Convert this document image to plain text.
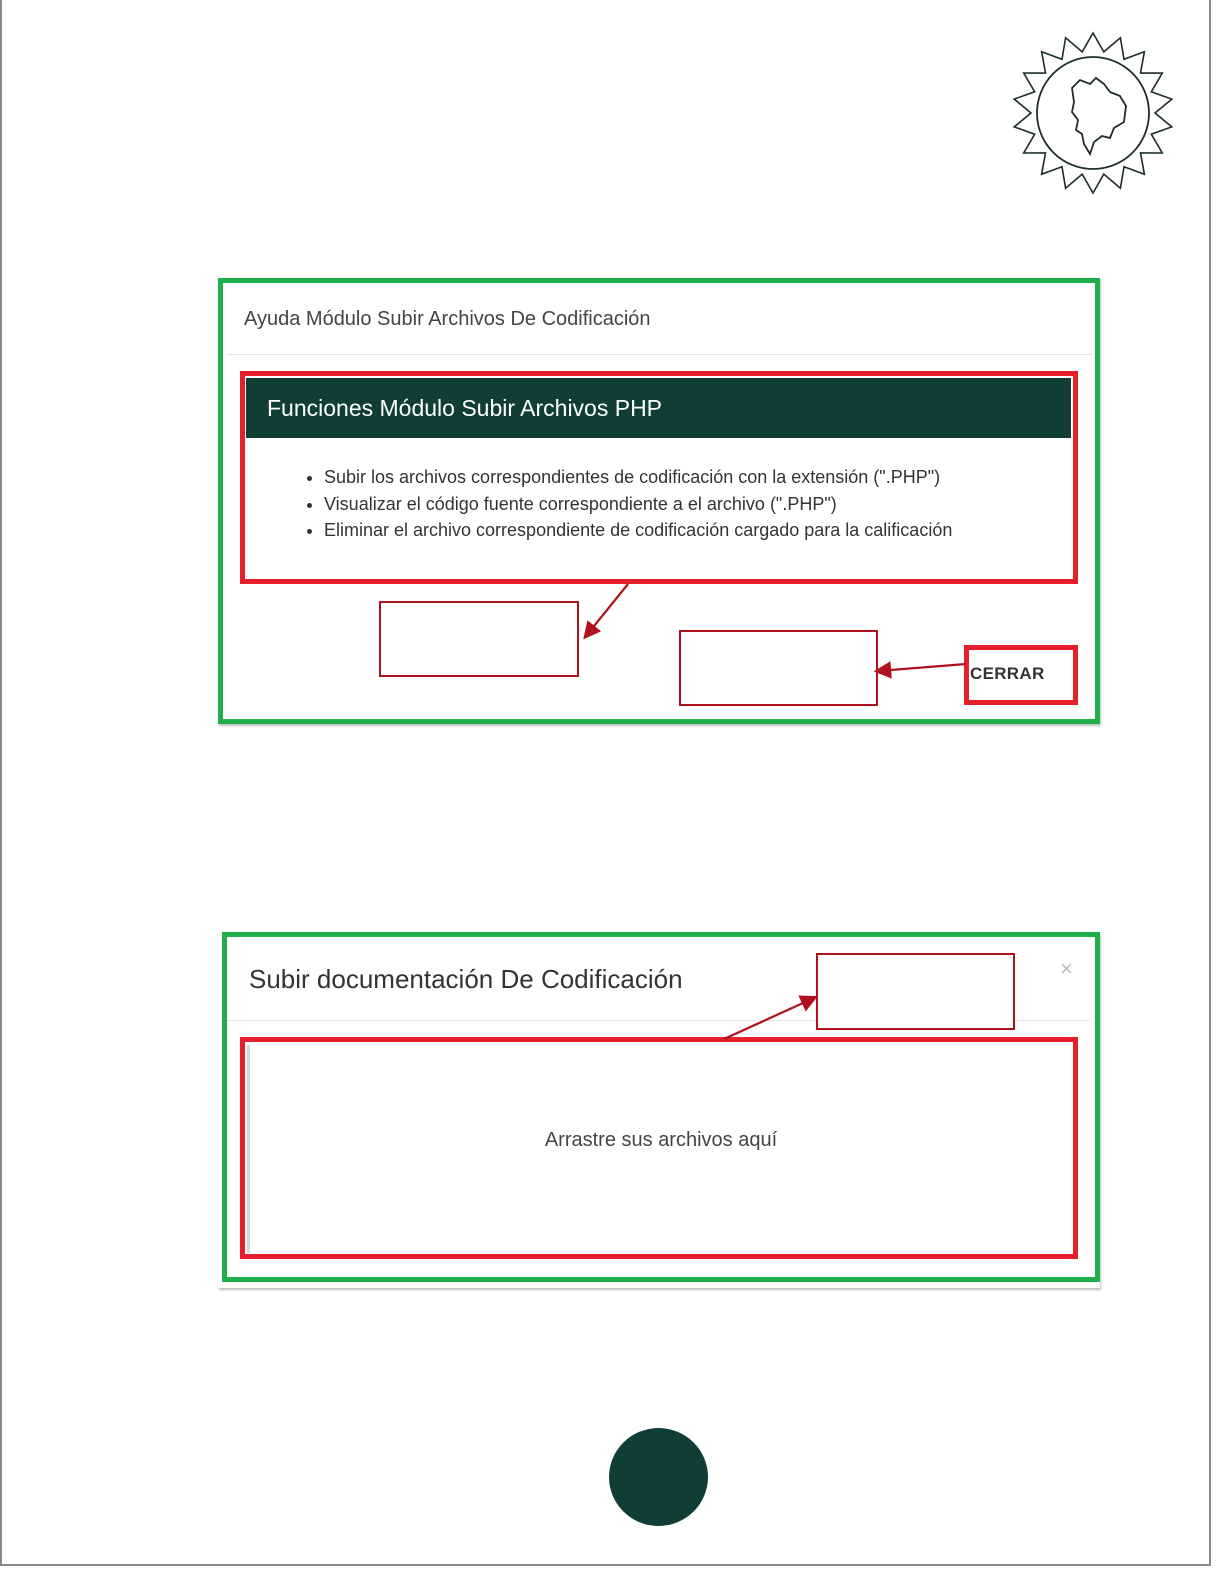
Ayuda Módulo Subir Archivos De Codificación
Funciones Módulo Subir Archivos PHP
• Subir los archivos correspondientes de codificación con la extensión (".PHP")
• Visualizar el código fuente correspondiente a el archivo (".PHP")
• Eliminar el archivo correspondiente de codificación cargado para la calificación
CERRAR
Subir documentación De Codificación	×
Arrastre sus archivos aquí
